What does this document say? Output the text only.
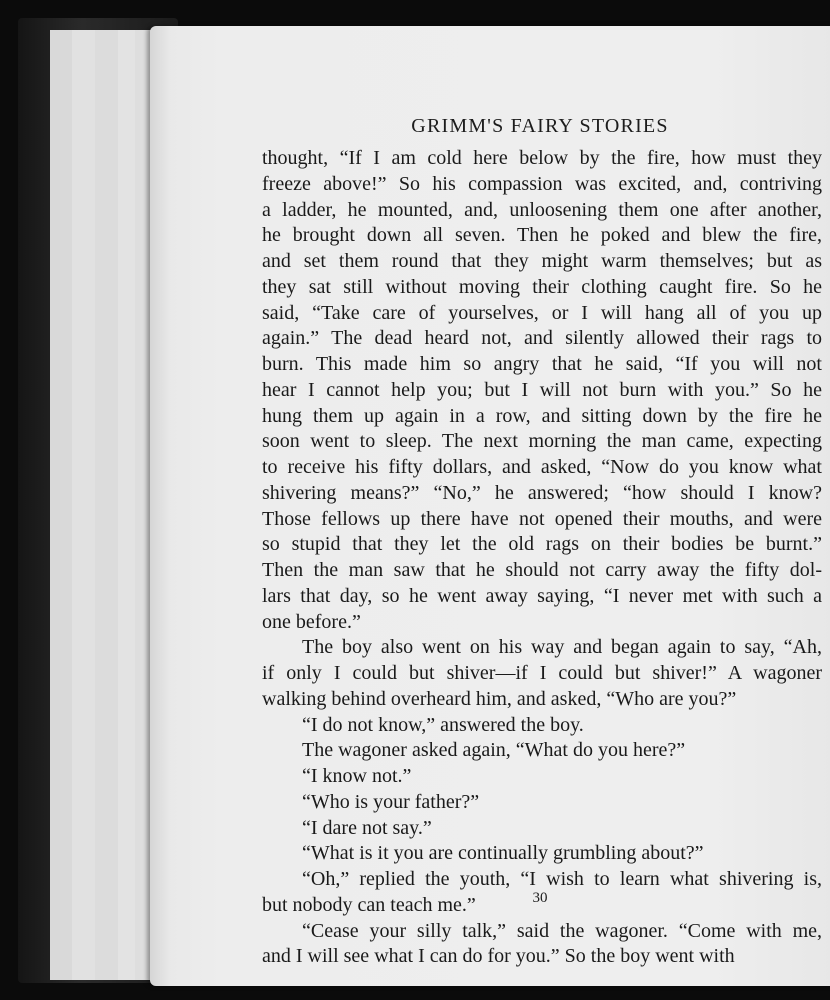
GRIMM'S FAIRY STORIES
thought, “If I am cold here below by the fire, how must they
freeze above!” So his compassion was excited, and, contriving
a ladder, he mounted, and, unloosening them one after another,
he brought down all seven. Then he poked and blew the fire,
and set them round that they might warm themselves; but as
they sat still without moving their clothing caught fire. So he
said, “Take care of yourselves, or I will hang all of you up
again.” The dead heard not, and silently allowed their rags to
burn. This made him so angry that he said, “If you will not
hear I cannot help you; but I will not burn with you.” So he
hung them up again in a row, and sitting down by the fire he
soon went to sleep. The next morning the man came, expecting
to receive his fifty dollars, and asked, “Now do you know what
shivering means?” “No,” he answered; “how should I know?
Those fellows up there have not opened their mouths, and were
so stupid that they let the old rags on their bodies be burnt.”
Then the man saw that he should not carry away the fifty dol-
lars that day, so he went away saying, “I never met with such a
one before.”
The boy also went on his way and began again to say, “Ah,
if only I could but shiver—if I could but shiver!” A wagoner
walking behind overheard him, and asked, “Who are you?”
“I do not know,” answered the boy.
The wagoner asked again, “What do you here?”
“I know not.”
“Who is your father?”
“I dare not say.”
“What is it you are continually grumbling about?”
“Oh,” replied the youth, “I wish to learn what shivering is,
but nobody can teach me.”
“Cease your silly talk,” said the wagoner. “Come with me,
and I will see what I can do for you.” So the boy went with
30
